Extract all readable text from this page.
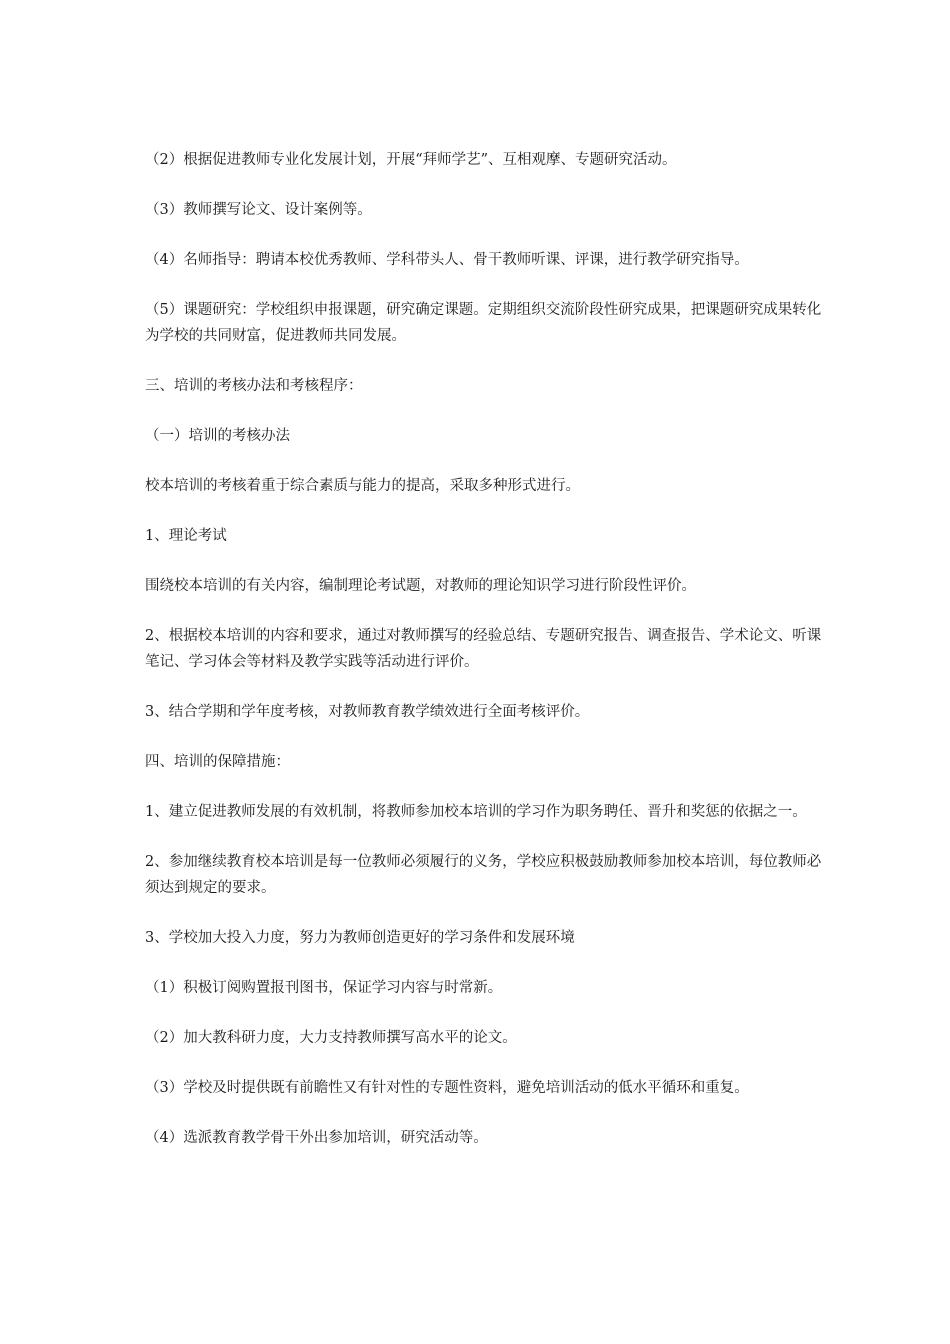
（2）根据促进教师专业化发展计划，开展“拜师学艺”、互相观摩、专题研究活动。

（3）教师撰写论文、设计案例等。

（4）名师指导：聘请本校优秀教师、学科带头人、骨干教师听课、评课，进行教学研究指导。

（5）课题研究：学校组织申报课题，研究确定课题。定期组织交流阶段性研究成果，把课题研究成果转化为学校的共同财富，促进教师共同发展。

三、培训的考核办法和考核程序：

（一）培训的考核办法

校本培训的考核着重于综合素质与能力的提高，采取多种形式进行。

1、理论考试

围绕校本培训的有关内容，编制理论考试题，对教师的理论知识学习进行阶段性评价。

2、根据校本培训的内容和要求，通过对教师撰写的经验总结、专题研究报告、调查报告、学术论文、听课笔记、学习体会等材料及教学实践等活动进行评价。

3、结合学期和学年度考核，对教师教育教学绩效进行全面考核评价。

四、培训的保障措施：

1、建立促进教师发展的有效机制，将教师参加校本培训的学习作为职务聘任、晋升和奖惩的依据之一。

2、参加继续教育校本培训是每一位教师必须履行的义务，学校应积极鼓励教师参加校本培训，每位教师必须达到规定的要求。

3、学校加大投入力度，努力为教师创造更好的学习条件和发展环境

（1）积极订阅购置报刊图书，保证学习内容与时常新。

（2）加大教科研力度，大力支持教师撰写高水平的论文。

（3）学校及时提供既有前瞻性又有针对性的专题性资料，避免培训活动的低水平循环和重复。

（4）选派教育教学骨干外出参加培训，研究活动等。
